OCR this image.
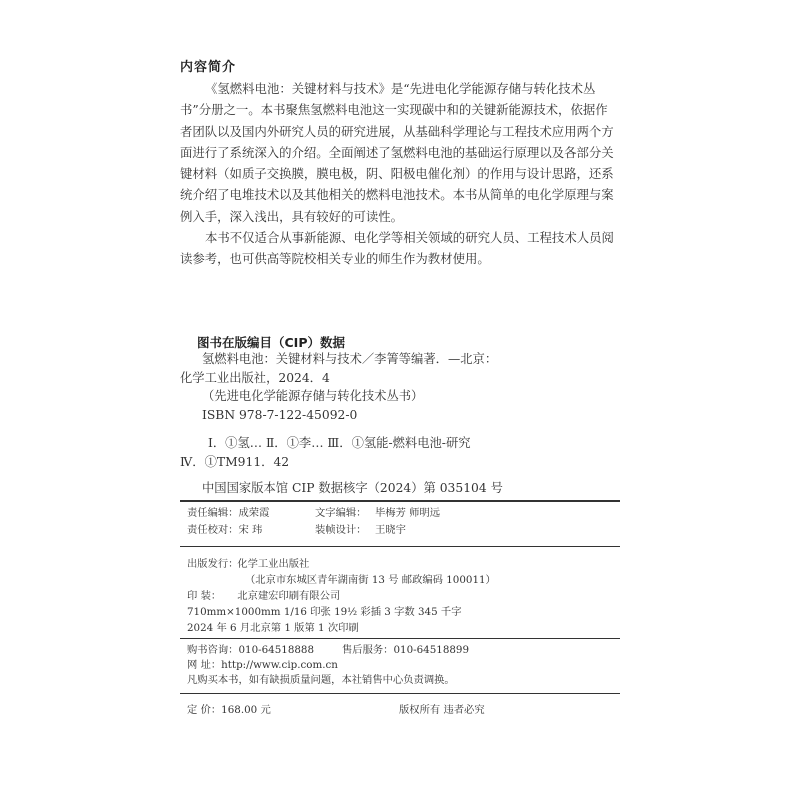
内容简介
《氢燃料电池：关键材料与技术》是“先进电化学能源存储与转化技术丛
书”分册之一。本书聚焦氢燃料电池这一实现碳中和的关键新能源技术，依据作
者团队以及国内外研究人员的研究进展，从基础科学理论与工程技术应用两个方
面进行了系统深入的介绍。全面阐述了氢燃料电池的基础运行原理以及各部分关
键材料（如质子交换膜，膜电极，阴、阳极电催化剂）的作用与设计思路，还系
统介绍了电堆技术以及其他相关的燃料电池技术。本书从简单的电化学原理与案
例入手，深入浅出，具有较好的可读性。
本书不仅适合从事新能源、电化学等相关领域的研究人员、工程技术人员阅
读参考，也可供高等院校相关专业的师生作为教材使用。
图书在版编目（CIP）数据
氢燃料电池：关键材料与技术／李箐等编著．—北京：
化学工业出版社，2024．4
（先进电化学能源存储与转化技术丛书）
ISBN 978-7-122-45092-0
Ⅰ．①氢… Ⅱ．①李… Ⅲ．①氢能-燃料电池-研究
Ⅳ．①TM911．42
中国国家版本馆 CIP 数据核字（2024）第 035104 号
责任编辑：成荣霞	文字编辑： 毕梅芳 师明远
责任校对：宋 玮	装帧设计： 王晓宇
出版发行： 化学工业出版社
（北京市东城区青年湖南街 13 号 邮政编码 100011）
印 装： 北京建宏印刷有限公司
710mm×1000mm 1/16 印张 19½ 彩插 3 字数 345 千字
2024 年 6 月北京第 1 版第 1 次印刷
购书咨询：010-64518888	售后服务：010-64518899
网 址：http://www.cip.com.cn
凡购买本书，如有缺损质量问题，本社销售中心负责调换。
定 价：168.00 元	版权所有 违者必究
